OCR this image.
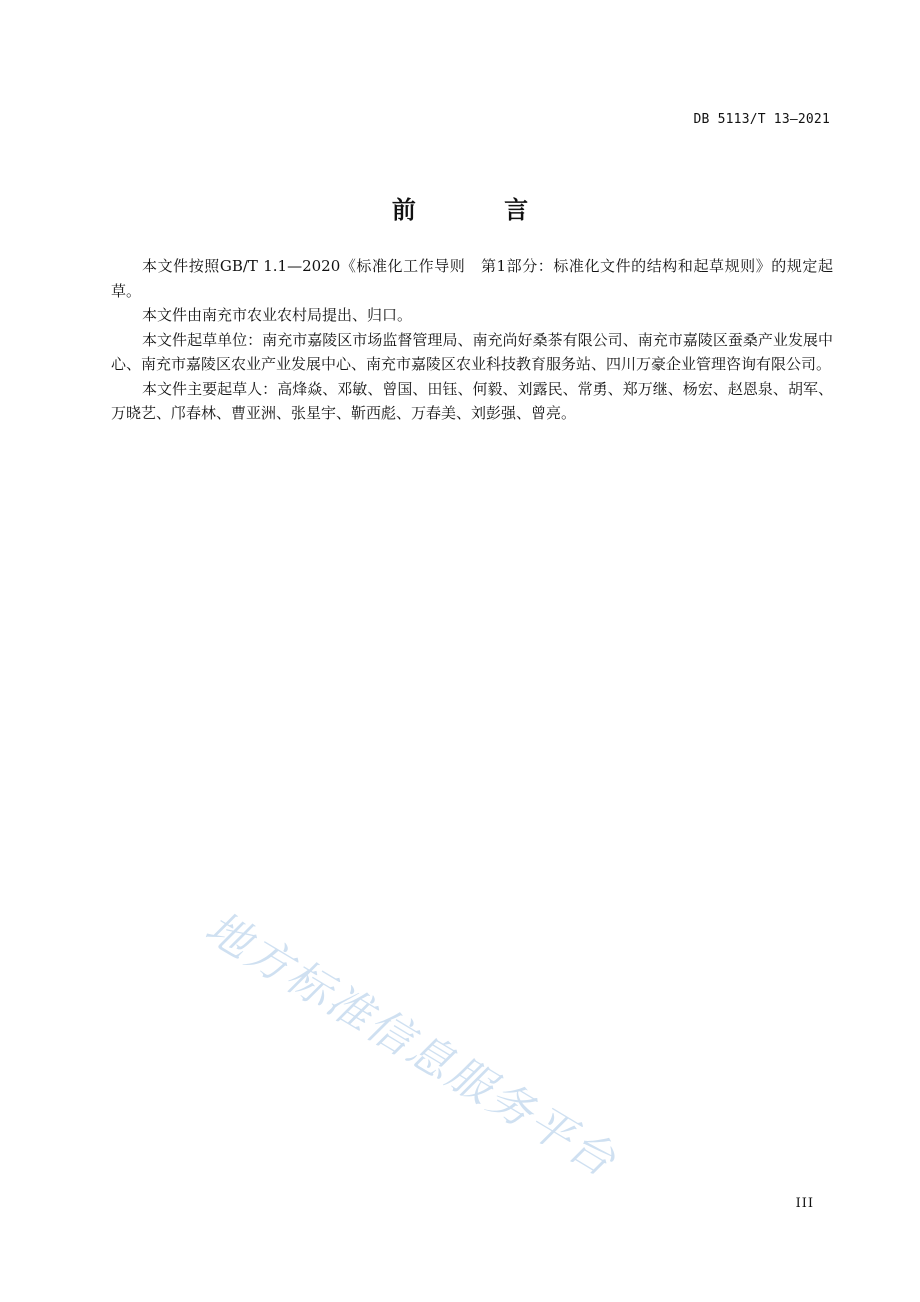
DB 5113/T 13—2021
前 言

本文件按照GB/T 1.1—2020《标准化工作导则　第1部分：标准化文件的结构和起草规则》的规定起草。

本文件由南充市农业农村局提出、归口。

本文件起草单位：南充市嘉陵区市场监督管理局、南充尚好桑茶有限公司、南充市嘉陵区蚕桑产业发展中心、南充市嘉陵区农业产业发展中心、南充市嘉陵区农业科技教育服务站、四川万豪企业管理咨询有限公司。

本文件主要起草人：高烽焱、邓敏、曾国、田钰、何毅、刘露民、常勇、郑万继、杨宏、赵恩泉、胡军、万晓艺、邝春林、曹亚洲、张星宇、靳西彪、万春美、刘彭强、曾亮。

地方标准信息服务平台
III
